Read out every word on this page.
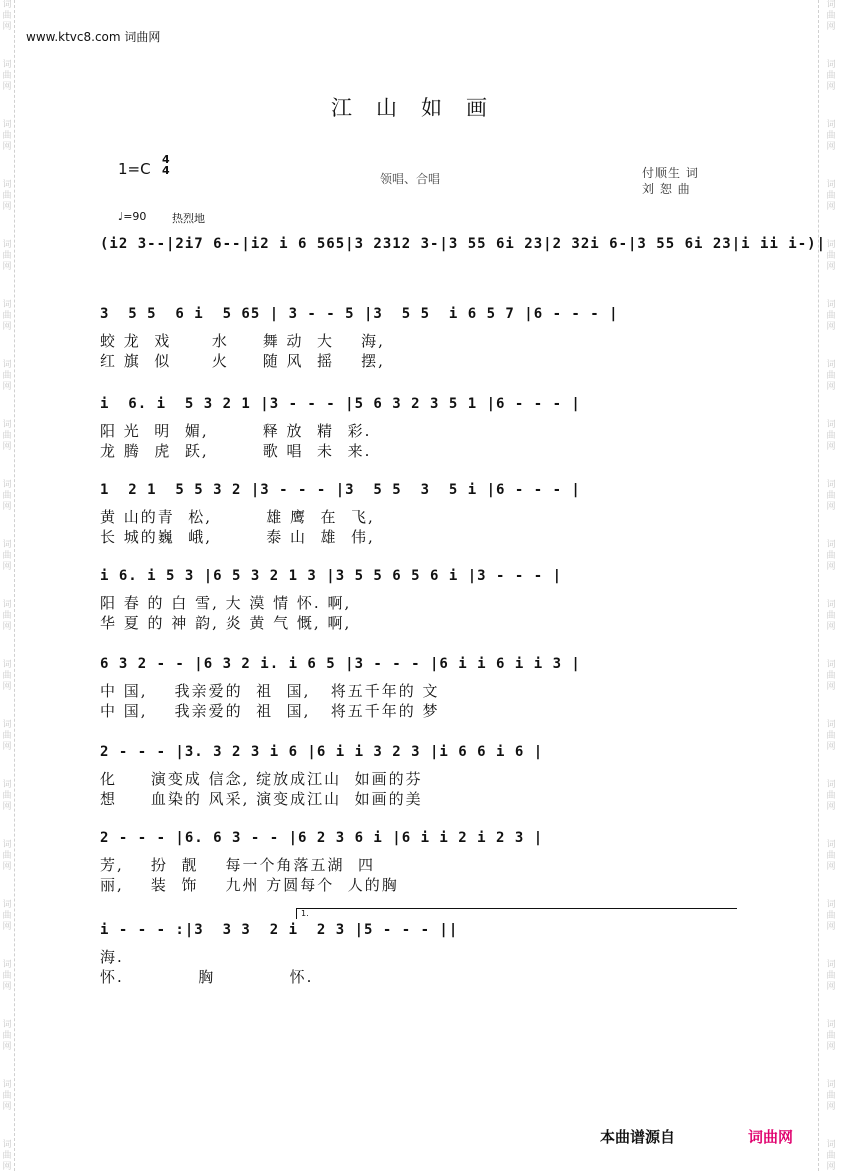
词
曲
网
词
曲
网
词
曲
网
词
曲
网
词
曲
网
词
曲
网
词
曲
网
词
曲
网
词
曲
网
词
曲
网
词
曲
网
词
曲
网
词
曲
网
词
曲
网
词
曲
网
词
曲
网
词
曲
网
词
曲
网
词
曲
网
词
曲
网
词
曲
网
词
曲
网
词
曲
网
词
曲
网
词
曲
网
词
曲
网
词
曲
网
词
曲
网
词
曲
网
词
曲
网
词
曲
网
词
曲
网
词
曲
网
词
曲
网
词
曲
网
词
曲
网
词
曲
网
词
曲
网
词
曲
网
词
曲
网
www.ktvc8.com 词曲网
江山如画
1=C
4
4
领唱、合唱	付顺生 词
刘 恕 曲
♩=90 热烈地
(i2 3--|2i7 6--|i2 i 6 565|3 2312 3-|3 55 6i 23|2 32i 6-|3 55 6i 23|i ii i-)|
3  5 5  6 i  5 65 | 3 - - 5 |3  5 5  i 6 5 7 |6 - - - |
蛟 龙  戏      水     舞 动  大    海,
红 旗  似      火     随 风  摇    摆,
i  6. i  5 3 2 1 |3 - - - |5 6 3 2 3 5 1 |6 - - - |
阳 光  明  媚,        释 放  精  彩.
龙 腾  虎  跃,        歌 唱  未  来.
1  2 1  5 5 3 2 |3 - - - |3  5 5  3  5 i |6 - - - |
黄 山的青  松,        雄 鹰  在  飞,
长 城的巍  峨,        泰 山  雄  伟,
i 6. i 5 3 |6 5 3 2 1 3 |3 5 5 6 5 6 i |3 - - - |
阳 春 的 白 雪, 大 漠 情 怀. 啊,
华 夏 的 神 韵, 炎 黄 气 慨, 啊,
6 3 2 - - |6 3 2 i. i 6 5 |3 - - - |6 i i 6 i i 3 |
中 国,    我亲爱的  祖  国,   将五千年的 文
中 国,    我亲爱的  祖  国,   将五千年的 梦
2 - - - |3. 3 2 3 i 6 |6 i i 3 2 3 |i 6 6 i 6 |
化     演变成 信念, 绽放成江山  如画的芬
想     血染的 风采, 演变成江山  如画的美
2 - - - |6. 6 3 - - |6 2 3 6 i |6 i i 2 i 2 3 |
芳,    扮  靓    每一个角落五湖  四
丽,    装  饰    九州 方圆每个  人的胸
i - - - :|3  3 3  2 i  2 3 |5 - - - ||
海.
怀.           胸           怀.
1.
本曲谱源自	词曲网
